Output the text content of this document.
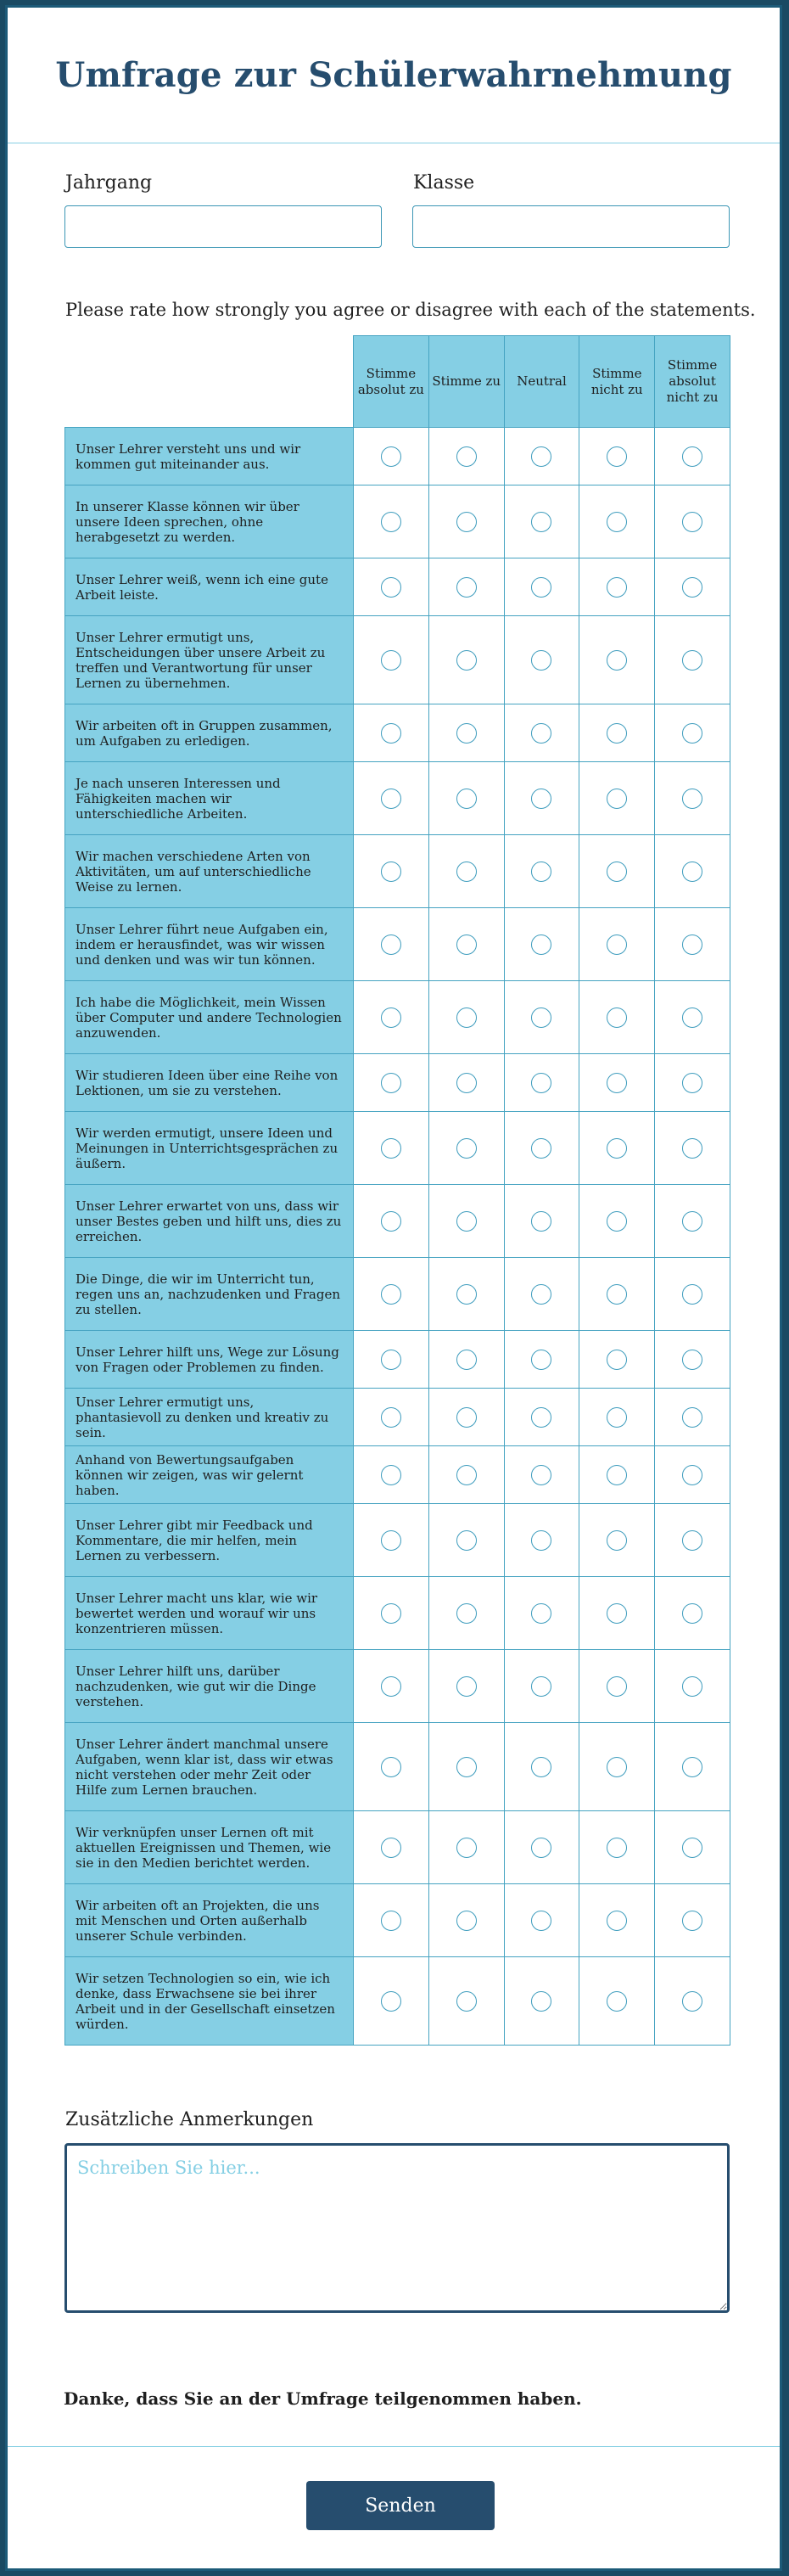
Umfrage zur Schülerwahrnehmung
Jahrgang	Klasse
Please rate how strongly you agree or disagree with each of the statements.
	Stimme absolut zu	Stimme zu	Neutral	Stimme nicht zu	Stimme absolut nicht zu
Unser Lehrer versteht uns und wir kommen gut miteinander aus.					
In unserer Klasse können wir über unsere Ideen sprechen, ohne herabgesetzt zu werden.					
Unser Lehrer weiß, wenn ich eine gute Arbeit leiste.					
Unser Lehrer ermutigt uns, Entscheidungen über unsere Arbeit zu treffen und Verantwortung für unser Lernen zu übernehmen.					
Wir arbeiten oft in Gruppen zusammen, um Aufgaben zu erledigen.					
Je nach unseren Interessen und Fähigkeiten machen wir unterschiedliche Arbeiten.					
Wir machen verschiedene Arten von Aktivitäten, um auf unterschiedliche Weise zu lernen.					
Unser Lehrer führt neue Aufgaben ein, indem er herausfindet, was wir wissen und denken und was wir tun können.					
Ich habe die Möglichkeit, mein Wissen über Computer und andere Technologien anzuwenden.					
Wir studieren Ideen über eine Reihe von Lektionen, um sie zu verstehen.					
Wir werden ermutigt, unsere Ideen und Meinungen in Unterrichtsgesprächen zu äußern.					
Unser Lehrer erwartet von uns, dass wir unser Bestes geben und hilft uns, dies zu erreichen.					
Die Dinge, die wir im Unterricht tun, regen uns an, nachzudenken und Fragen zu stellen.					
Unser Lehrer hilft uns, Wege zur Lösung von Fragen oder Problemen zu finden.					
Unser Lehrer ermutigt uns, phantasievoll zu denken und kreativ zu sein.					
Anhand von Bewertungsaufgaben können wir zeigen, was wir gelernt haben.					
Unser Lehrer gibt mir Feedback und Kommentare, die mir helfen, mein Lernen zu verbessern.					
Unser Lehrer macht uns klar, wie wir bewertet werden und worauf wir uns konzentrieren müssen.					
Unser Lehrer hilft uns, darüber nachzudenken, wie gut wir die Dinge verstehen.					
Unser Lehrer ändert manchmal unsere Aufgaben, wenn klar ist, dass wir etwas nicht verstehen oder mehr Zeit oder Hilfe zum Lernen brauchen.					
Wir verknüpfen unser Lernen oft mit aktuellen Ereignissen und Themen, wie sie in den Medien berichtet werden.					
Wir arbeiten oft an Projekten, die uns mit Menschen und Orten außerhalb unserer Schule verbinden.					
Wir setzen Technologien so ein, wie ich denke, dass Erwachsene sie bei ihrer Arbeit und in der Gesellschaft einsetzen würden.					
Zusätzliche Anmerkungen
Schreiben Sie hier...
Danke, dass Sie an der Umfrage teilgenommen haben.
Senden
